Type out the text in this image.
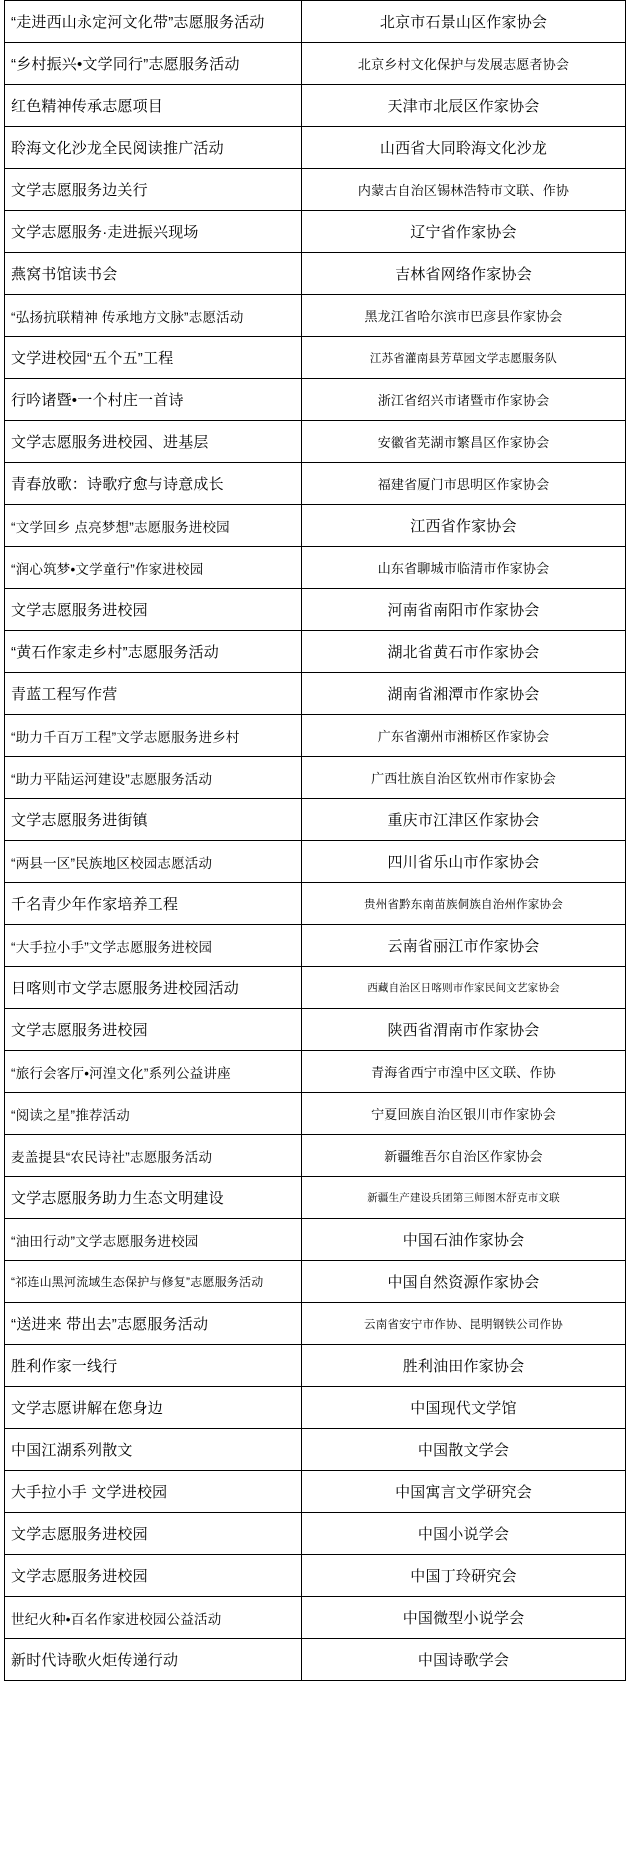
“走进西山永定河文化带”志愿服务活动	北京市石景山区作家协会
“乡村振兴•文学同行”志愿服务活动	北京乡村文化保护与发展志愿者协会
红色精神传承志愿项目	天津市北辰区作家协会
聆海文化沙龙全民阅读推广活动	山西省大同聆海文化沙龙
文学志愿服务边关行	内蒙古自治区锡林浩特市文联、作协
文学志愿服务·走进振兴现场	辽宁省作家协会
燕窝书馆读书会	吉林省网络作家协会
“弘扬抗联精神 传承地方文脉”志愿活动	黑龙江省哈尔滨市巴彦县作家协会
文学进校园“五个五”工程	江苏省灌南县芳草园文学志愿服务队
行吟诸暨•一个村庄一首诗	浙江省绍兴市诸暨市作家协会
文学志愿服务进校园、进基层	安徽省芜湖市繁昌区作家协会
青春放歌：诗歌疗愈与诗意成长	福建省厦门市思明区作家协会
“文学回乡 点亮梦想”志愿服务进校园	江西省作家协会
“润心筑梦•文学童行”作家进校园	山东省聊城市临清市作家协会
文学志愿服务进校园	河南省南阳市作家协会
“黄石作家走乡村”志愿服务活动	湖北省黄石市作家协会
青蓝工程写作营	湖南省湘潭市作家协会
“助力千百万工程”文学志愿服务进乡村	广东省潮州市湘桥区作家协会
“助力平陆运河建设”志愿服务活动	广西壮族自治区钦州市作家协会
文学志愿服务进街镇	重庆市江津区作家协会
“两县一区”民族地区校园志愿活动	四川省乐山市作家协会
千名青少年作家培养工程	贵州省黔东南苗族侗族自治州作家协会
“大手拉小手”文学志愿服务进校园	云南省丽江市作家协会
日喀则市文学志愿服务进校园活动	西藏自治区日喀则市作家民间文艺家协会
文学志愿服务进校园	陕西省渭南市作家协会
“旅行会客厅•河湟文化”系列公益讲座	青海省西宁市湟中区文联、作协
“阅读之星”推荐活动	宁夏回族自治区银川市作家协会
麦盖提县“农民诗社”志愿服务活动	新疆维吾尔自治区作家协会
文学志愿服务助力生态文明建设	新疆生产建设兵团第三师图木舒克市文联
“油田行动”文学志愿服务进校园	中国石油作家协会
“祁连山黑河流域生态保护与修复”志愿服务活动	中国自然资源作家协会
“送进来 带出去”志愿服务活动	云南省安宁市作协、昆明钢铁公司作协
胜利作家一线行	胜利油田作家协会
文学志愿讲解在您身边	中国现代文学馆
中国江湖系列散文	中国散文学会
大手拉小手 文学进校园	中国寓言文学研究会
文学志愿服务进校园	中国小说学会
文学志愿服务进校园	中国丁玲研究会
世纪火种•百名作家进校园公益活动	中国微型小说学会
新时代诗歌火炬传递行动	中国诗歌学会
